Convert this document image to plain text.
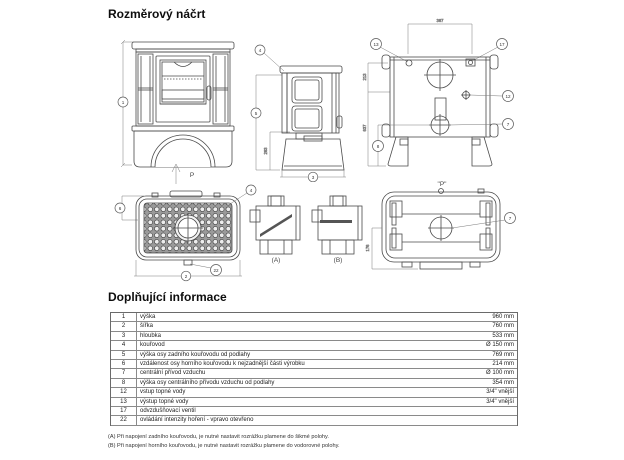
Rozměrový náčrt
1
4
5
263
3
367
13	17
213
637
12
7
8
P
6
22
2
4
(A)	(B)
"P"
7
176
Doplňující informace
1	výška	960 mm
2	šířka	760 mm
3	hloubka	533 mm
4	kouřovod	Ø 150 mm
5	výška osy zadního kouřovodu od podlahy	769 mm
6	vzdálenost osy horního kouřovodu k nejzadnější části výrobku	214 mm
7	centrální přívod vzduchu	Ø 100 mm
8	výška osy centrálního přívodu vzduchu od podlahy	354 mm
12	vstup topné vody	3/4" vnější
13	výstup topné vody	3/4" vnější
17	odvzdušňovací ventil
22	ovládání intenzity hoření - vpravo otevřeno
(A) Při napojení zadního kouřovodu, je nutné nastavit rozrážku plamene do šikmé polohy.
(B) Při napojení horního kouřovodu, je nutné nastavit rozrážku plamene do vodorovné polohy.
